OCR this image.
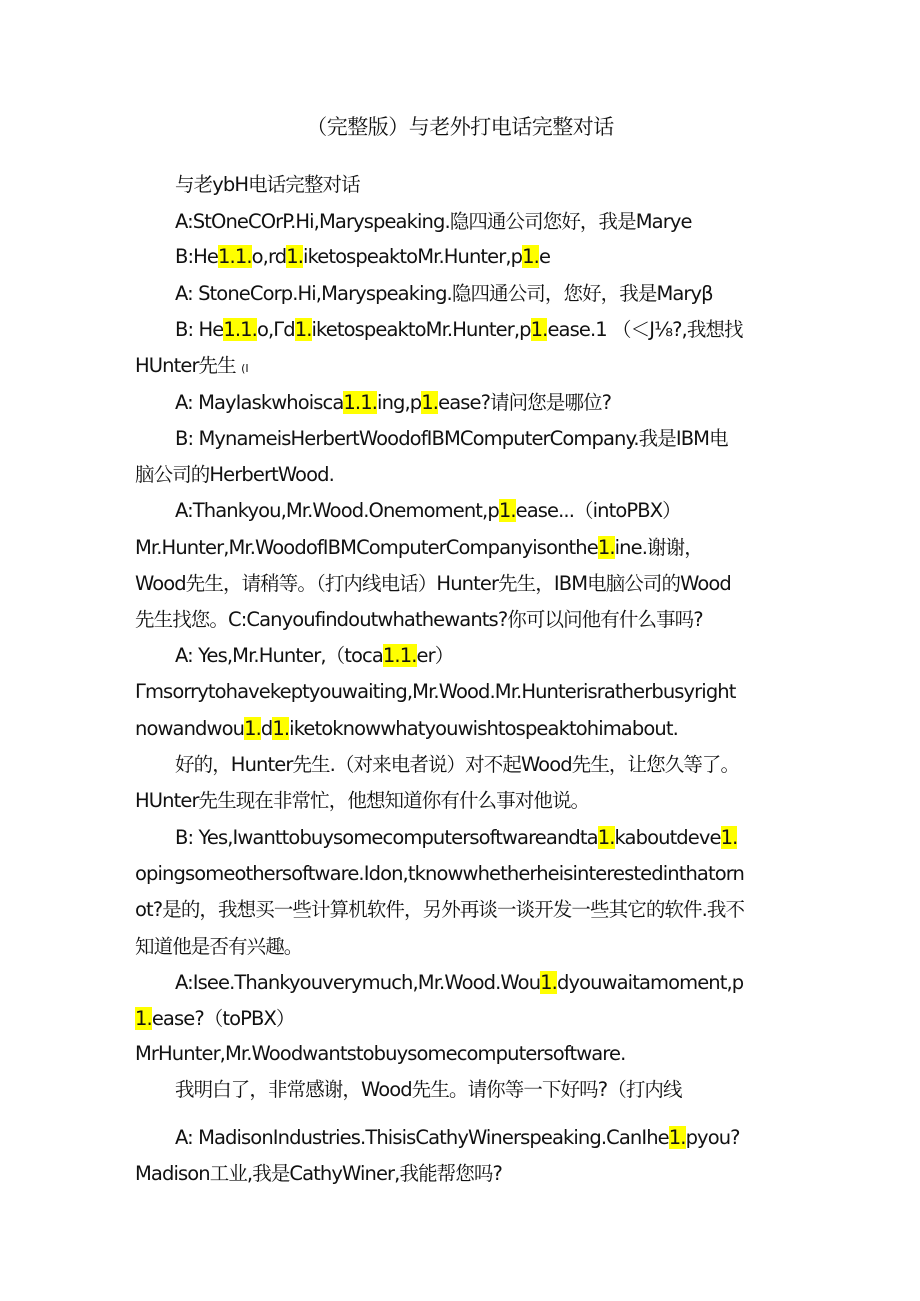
（完整版）与老外打电话完整对话
与老ybH电话完整对话
A:StOneCOrP.Hi,Maryspeaking.隐四通公司您好，我是Marye
B:He1.1.o,rd1.iketospeaktoMr.Hunter,p1.e
A: StoneCorp.Hi,Maryspeaking.隐四通公司，您好，我是Maryβ
B: He1.1.o,Γd1.iketospeaktoMr.Hunter,p1.ease.1 （＜J⅛?,我想找
HUnter先生 (I
A: MayIaskwhoisca1.1.ing,p1.ease?请问您是哪位?
B: MynameisHerbertWoodofIBMComputerCompany.我是IBM电
脑公司的HerbertWood.
A:Thankyou,Mr.Wood.Onemoment,p1.ease...（intoPBX）
Mr.Hunter,Mr.WoodofIBMComputerCompanyisonthe1.ine.谢谢，
Wood先生，请稍等。（打内线电话）Hunter先生，IBM电脑公司的Wood
先生找您。C:Canyoufindoutwhathewants?你可以问他有什么事吗?
A: Yes,Mr.Hunter,（toca1.1.er）
Γmsorrytohavekeptyouwaiting,Mr.Wood.Mr.Hunterisratherbusyright
nowandwou1.d1.iketoknowwhatyouwishtospeaktohimabout.
好的，Hunter先生.（对来电者说）对不起Wood先生，让您久等了。
HUnter先生现在非常忙，他想知道你有什么事对他说。
B: Yes,Iwanttobuysomecomputersoftwareandta1.kaboutdeve1.
opingsomeothersoftware.Idon,tknowwhetherheisinterestedinthatorn
ot?是的，我想买一些计算机软件，另外再谈一谈开发一些其它的软件.我不
知道他是否有兴趣。
A:Isee.Thankyouverymuch,Mr.Wood.Wou1.dyouwaitamoment,p
1.ease?（toPBX）
MrHunter,Mr.Woodwantstobuysomecomputersoftware.
我明白了，非常感谢，Wood先生。请你等一下好吗?（打内线
A: MadisonIndustries.ThisisCathyWinerspeaking.CanIhe1.pyou?
Madison工业,我是CathyWiner,我能帮您吗?
